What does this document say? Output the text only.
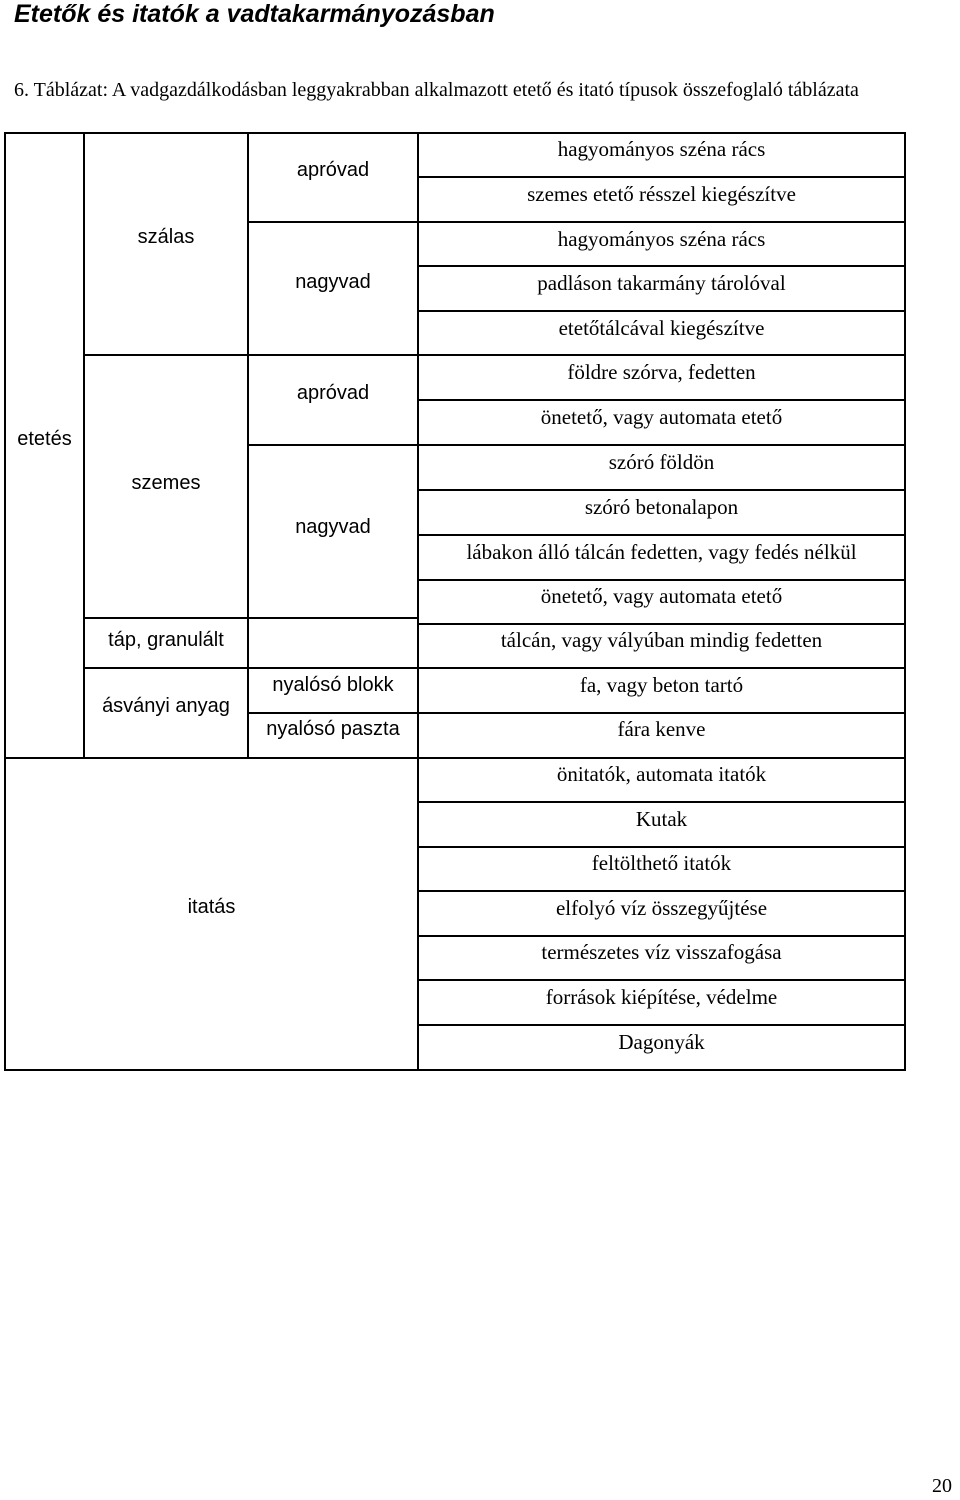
Etetők és itatók a vadtakarmányozásban
6. Táblázat: A vadgazdálkodásban leggyakrabban alkalmazott etető és itató típusok összefoglaló táblázata
etetés
itatás
szálas
szemes
táp, granulált
ásványi anyag
apróvad
nagyvad
apróvad
nagyvad
nyalósó blokk
nyalósó paszta
hagyományos széna rács
szemes etető résszel kiegészítve
hagyományos széna rács
padláson takarmány tárolóval
etetőtálcával kiegészítve
földre szórva, fedetten
önetető, vagy automata etető
szóró földön
szóró betonalapon
lábakon álló tálcán fedetten, vagy fedés nélkül
önetető, vagy automata etető
tálcán, vagy vályúban mindig fedetten
fa, vagy beton tartó
fára kenve
önitatók, automata itatók
Kutak
feltölthető itatók
elfolyó víz összegyűjtése
természetes víz visszafogása
források kiépítése, védelme
Dagonyák
20
